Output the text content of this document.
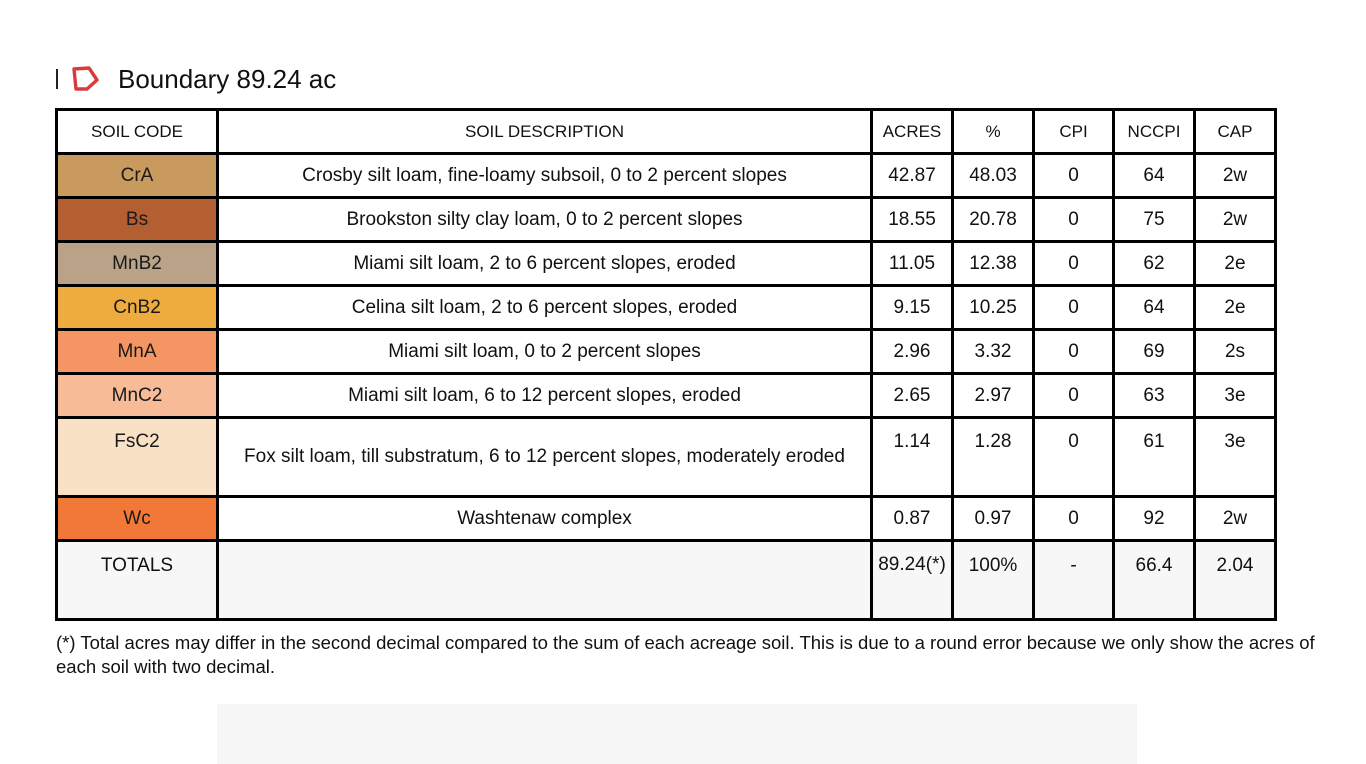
Boundary 89.24 ac
SOIL CODE	SOIL DESCRIPTION	ACRES	%	CPI	NCCPI	CAP
CrA	Crosby silt loam, fine-loamy subsoil, 0 to 2 percent slopes	42.87	48.03	0	64	2w
Bs	Brookston silty clay loam, 0 to 2 percent slopes	18.55	20.78	0	75	2w
MnB2	Miami silt loam, 2 to 6 percent slopes, eroded	11.05	12.38	0	62	2e
CnB2	Celina silt loam, 2 to 6 percent slopes, eroded	9.15	10.25	0	64	2e
MnA	Miami silt loam, 0 to 2 percent slopes	2.96	3.32	0	69	2s
MnC2	Miami silt loam, 6 to 12 percent slopes, eroded	2.65	2.97	0	63	3e
FsC2	Fox silt loam, till substratum, 6 to 12 percent slopes, moderately eroded	1.14	1.28	0	61	3e
Wc	Washtenaw complex	0.87	0.97	0	92	2w
TOTALS		89.24(*)	100%	-	66.4	2.04
(*) Total acres may differ in the second decimal compared to the sum of each acreage soil. This is due to a round error because we only show the acres of each soil with two decimal.
